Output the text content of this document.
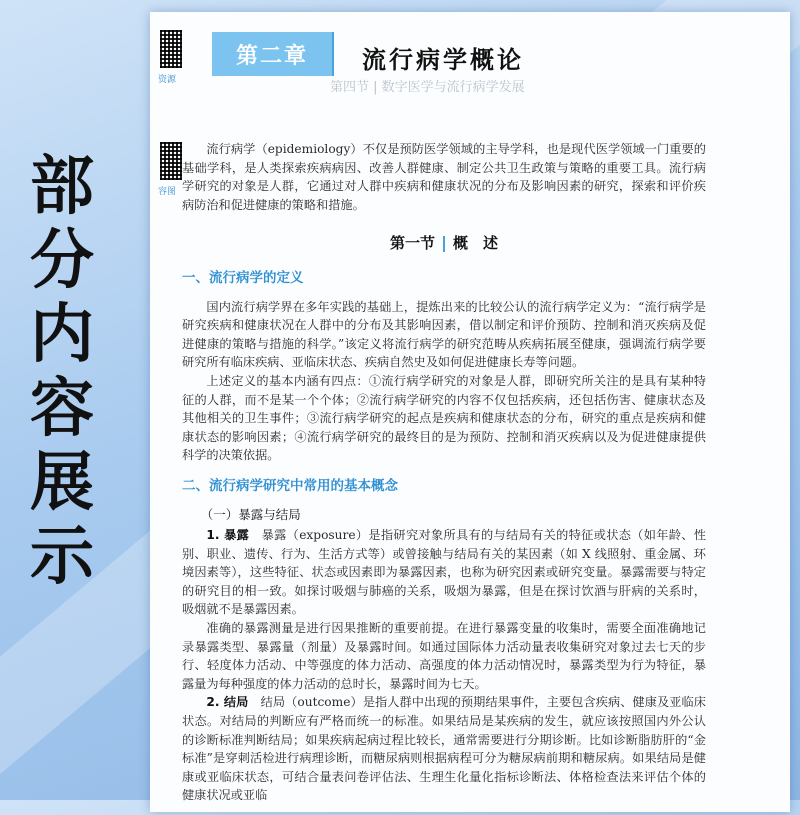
部
分
内
容
展
示
资源
容图
第二章	流行病学概论
第四节 | 数字医学与流行病学发展

流行病学（epidemiology）不仅是预防医学领域的主导学科，也是现代医学领域一门重要的基础学科，是人类探索疾病病因、改善人群健康、制定公共卫生政策与策略的重要工具。流行病学研究的对象是人群，它通过对人群中疾病和健康状况的分布及影响因素的研究，探索和评价疾病防治和促进健康的策略和措施。

第一节 概　述
一、流行病学的定义

国内流行病学界在多年实践的基础上，提炼出来的比较公认的流行病学定义为：“流行病学是研究疾病和健康状况在人群中的分布及其影响因素，借以制定和评价预防、控制和消灭疾病及促进健康的策略与措施的科学。”该定义将流行病学的研究范畴从疾病拓展至健康，强调流行病学要研究所有临床疾病、亚临床状态、疾病自然史及如何促进健康长寿等问题。

上述定义的基本内涵有四点：①流行病学研究的对象是人群，即研究所关注的是具有某种特征的人群，而不是某一个个体；②流行病学研究的内容不仅包括疾病，还包括伤害、健康状态及其他相关的卫生事件；③流行病学研究的起点是疾病和健康状态的分布，研究的重点是疾病和健康状态的影响因素；④流行病学研究的最终目的是为预防、控制和消灭疾病以及为促进健康提供科学的决策依据。

二、流行病学研究中常用的基本概念
（一）暴露与结局

1. 暴露　 暴露（exposure）是指研究对象所具有的与结局有关的特征或状态（如年龄、性别、职业、遗传、行为、生活方式等）或曾接触与结局有关的某因素（如 X 线照射、重金属、环境因素等），这些特征、状态或因素即为暴露因素，也称为研究因素或研究变量。暴露需要与特定的研究目的相一致。如探讨吸烟与肺癌的关系，吸烟为暴露，但是在探讨饮酒与肝病的关系时，吸烟就不是暴露因素。

准确的暴露测量是进行因果推断的重要前提。在进行暴露变量的收集时，需要全面准确地记录暴露类型、暴露量（剂量）及暴露时间。如通过国际体力活动量表收集研究对象过去七天的步行、轻度体力活动、中等强度的体力活动、高强度的体力活动情况时，暴露类型为行为特征，暴露量为每种强度的体力活动的总时长，暴露时间为七天。

2. 结局　 结局（outcome）是指人群中出现的预期结果事件，主要包含疾病、健康及亚临床状态。对结局的判断应有严格而统一的标准。如果结局是某疾病的发生，就应该按照国内外公认的诊断标准判断结局；如果疾病起病过程比较长，通常需要进行分期诊断。比如诊断脂肪肝的“金标准”是穿刺活检进行病理诊断，而糖尿病则根据病程可分为糖尿病前期和糖尿病。如果结局是健康或亚临床状态，可结合量表问卷评估法、生理生化量化指标诊断法、体格检查法来评估个体的健康状况或亚临
